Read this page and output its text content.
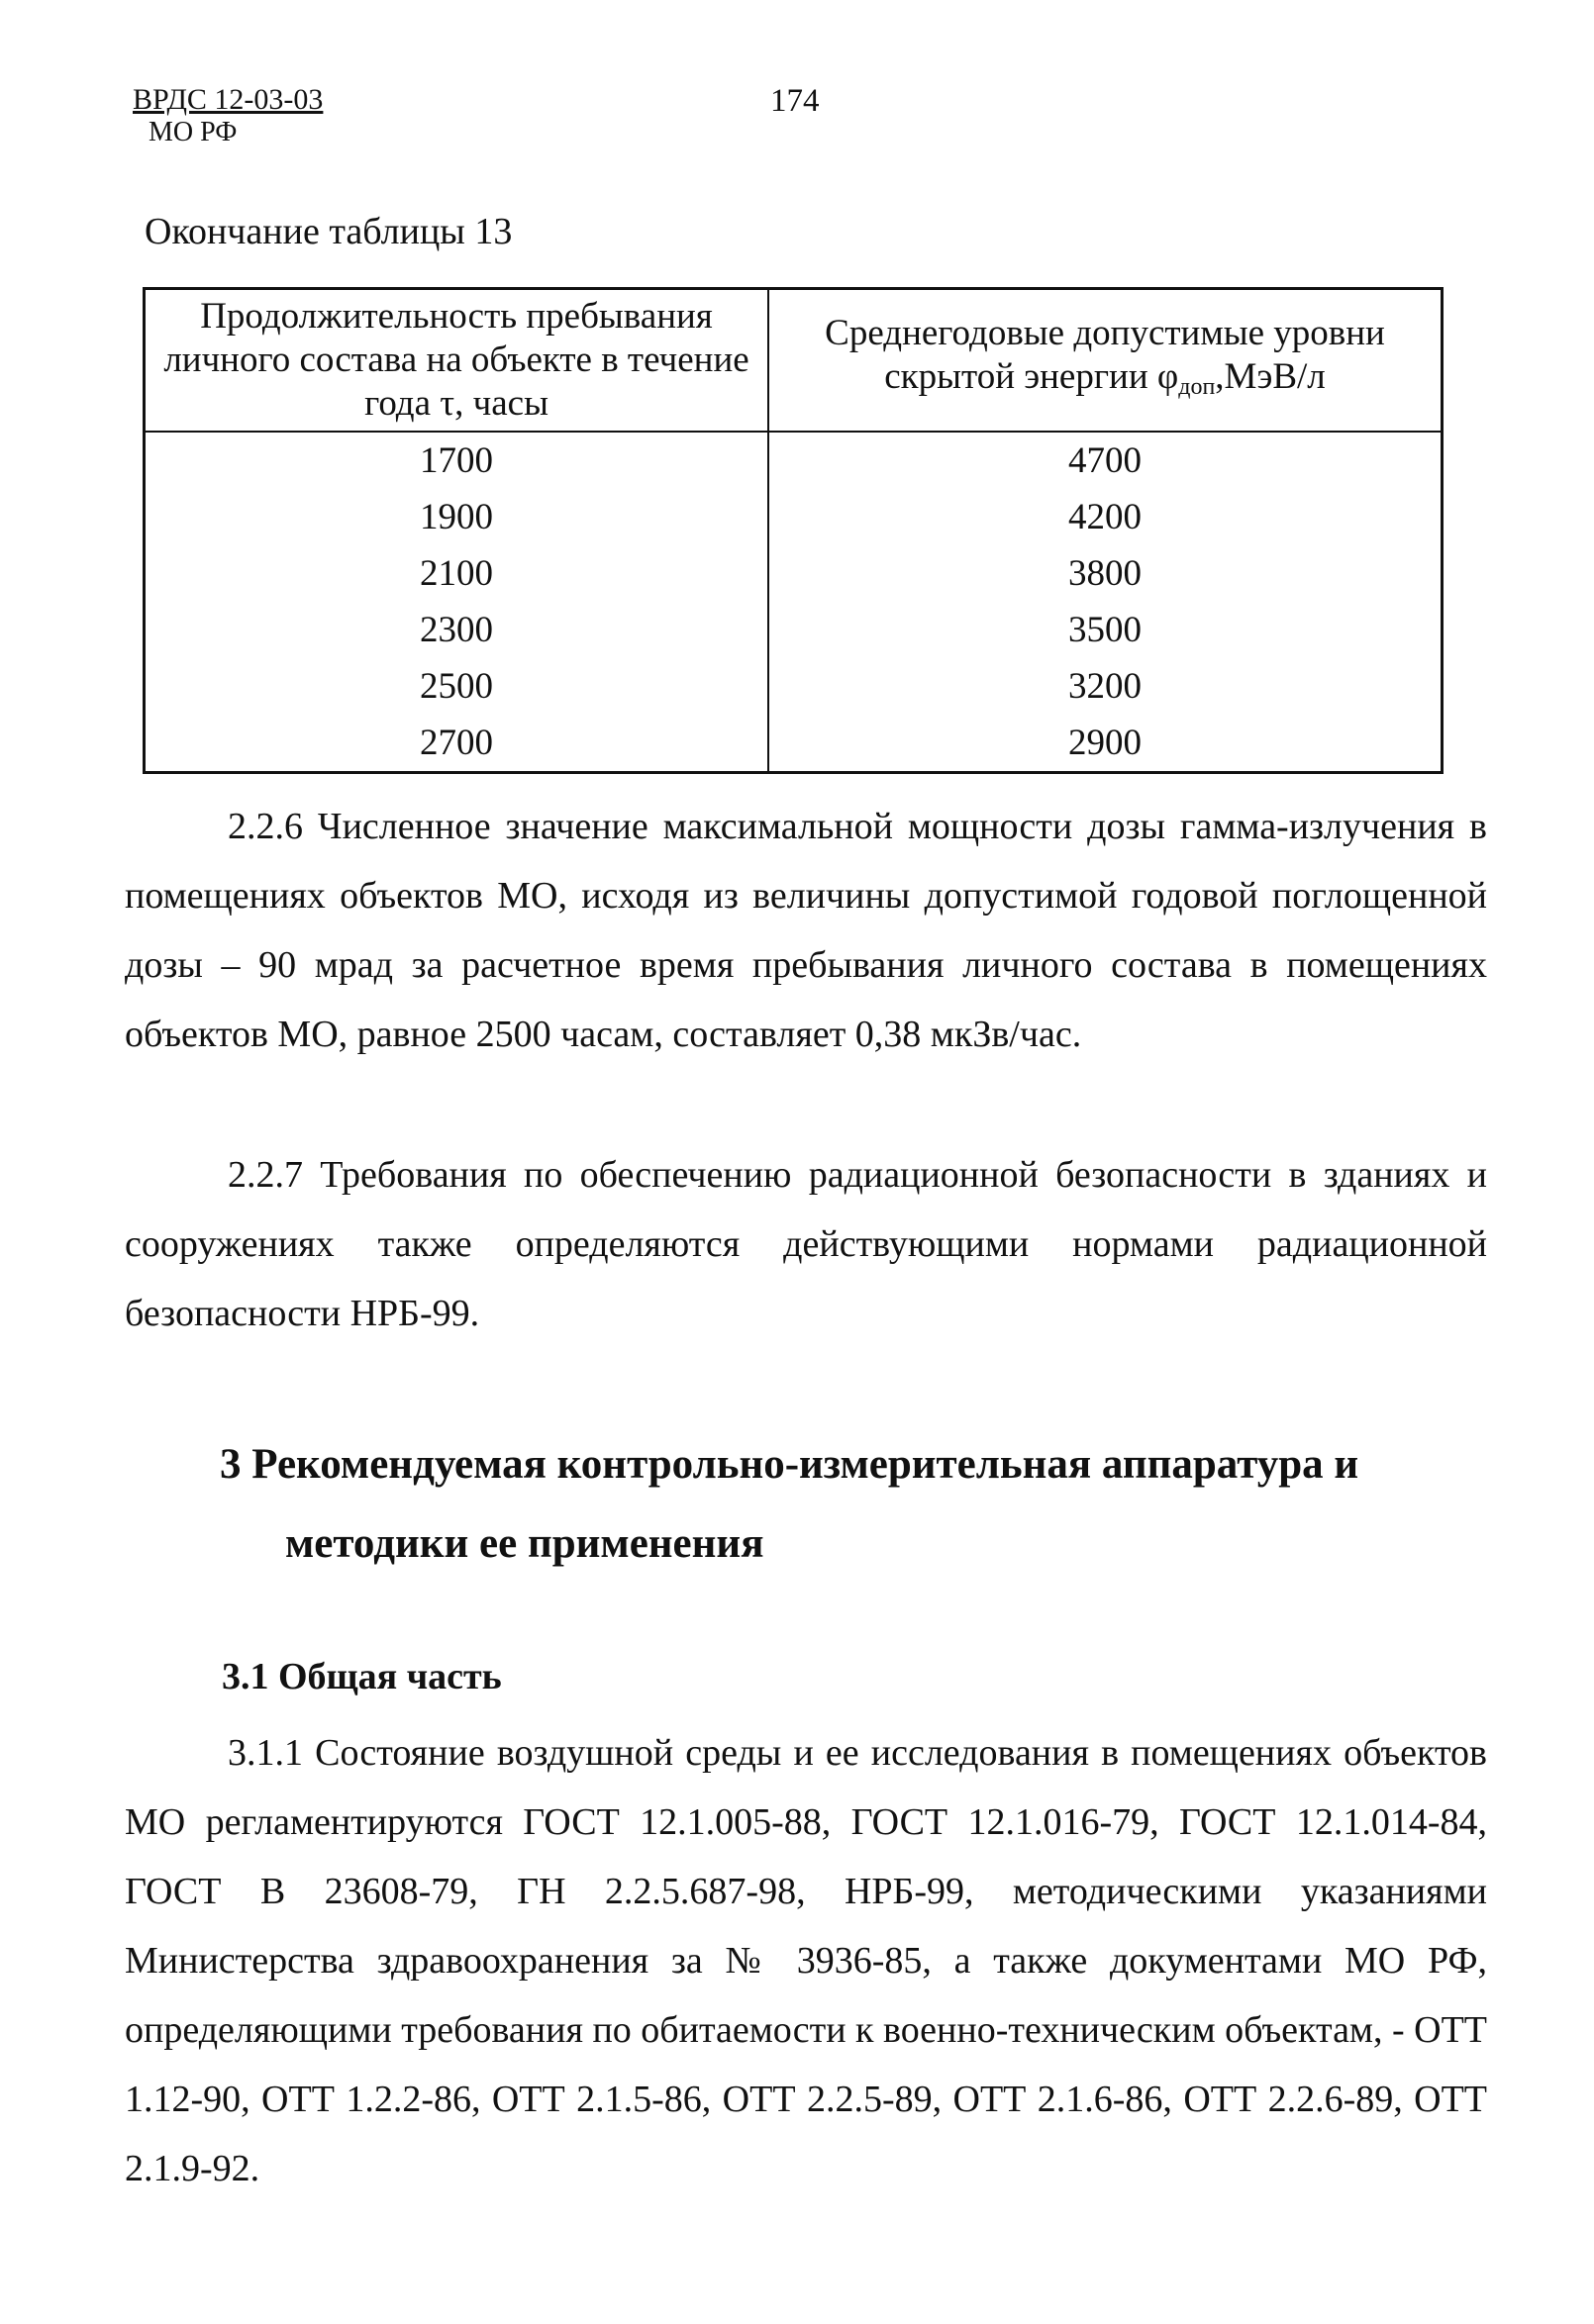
ВРДС 12-03-03
МО РФ
174
Окончание таблицы 13
Продолжительность пребывания личного состава на объекте в течение года τ, часы	Среднегодовые допустимые уровни скрытой энергии $\varphi_{доп},МэВ/л$
1700	4700
1900	4200
2100	3800
2300	3500
2500	3200
2700	2900

2.2.6 Численное значение максимальной мощности дозы гамма-излучения в помещениях объектов МО, исходя из величины допустимой годовой поглощенной дозы – 90 мрад за расчетное время пребывания личного состава в помещениях объектов МО, равное 2500 часам, составляет 0,38 мкЗв/час.

2.2.7 Требования по обеспечению радиационной безопасности в зданиях и сооружениях также определяются действующими нормами радиационной безопасности НРБ-99.

3 Рекомендуемая контрольно-измерительная аппаратура и
методики ее применения
3.1 Общая часть

3.1.1 Состояние воздушной среды и ее исследования в помещениях объектов МО регламентируются ГОСТ 12.1.005-88, ГОСТ 12.1.016-79, ГОСТ 12.1.014-84, ГОСТ В 23608-79, ГН 2.2.5.687-98, НРБ-99, методическими указаниями Министерства здравоохранения за № 3936-85, а также документами МО РФ, определяющими требования по обитаемости к военно-техническим объектам, - ОТТ 1.12-90, ОТТ 1.2.2-86, ОТТ 2.1.5-86, ОТТ 2.2.5-89, ОТТ 2.1.6-86, ОТТ 2.2.6-89, ОТТ 2.1.9-92.
